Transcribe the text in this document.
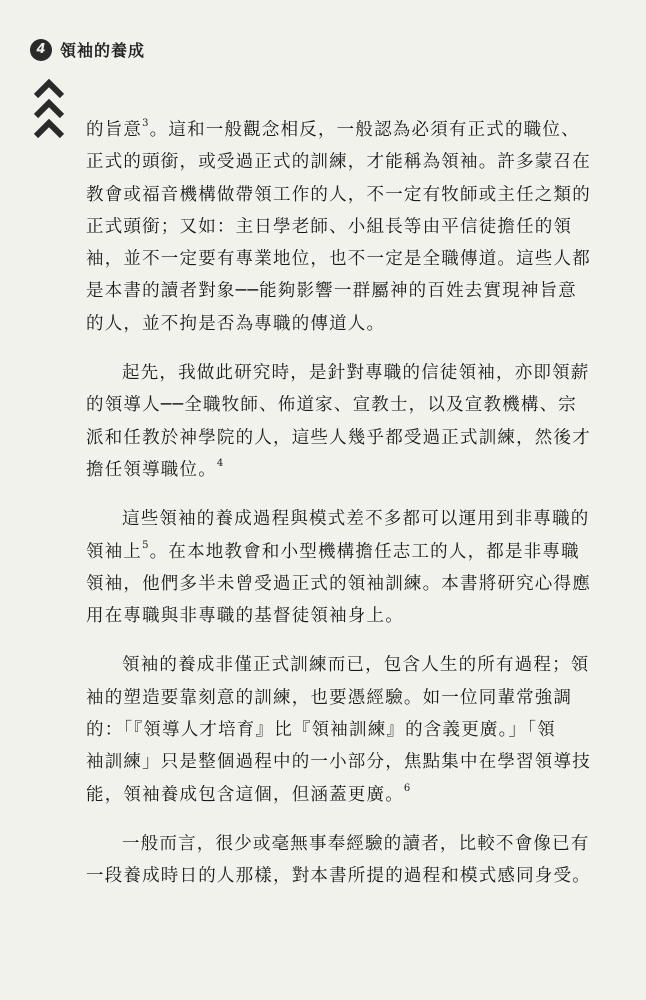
4 領袖的養成
的旨意$^3$。這和一般觀念相反，一般認為必須有正式的職位、
正式的頭銜，或受過正式的訓練，才能稱為領袖。許多蒙召在
教會或福音機構做帶領工作的人，不一定有牧師或主任之類的
正式頭銜；又如：主日學老師、小組長等由平信徒擔任的領
袖，並不一定要有專業地位，也不一定是全職傳道。這些人都
是本書的讀者對象──能夠影響一群屬神的百姓去實現神旨意
的人，並不拘是否為專職的傳道人。
起先，我做此研究時，是針對專職的信徒領袖，亦即領薪
的領導人──全職牧師、佈道家、宣教士，以及宣教機構、宗
派和任教於神學院的人，這些人幾乎都受過正式訓練，然後才
擔任領導職位。$^4$
這些領袖的養成過程與模式差不多都可以運用到非專職的
領袖上$^5$。在本地教會和小型機構擔任志工的人，都是非專職
領袖，他們多半未曾受過正式的領袖訓練。本書將研究心得應
用在專職與非專職的基督徒領袖身上。
領袖的養成非僅正式訓練而已，包含人生的所有過程；領
袖的塑造要靠刻意的訓練，也要憑經驗。如一位同輩常強調
的：「『領導人才培育』比『領袖訓練』的含義更廣。」「領
袖訓練」只是整個過程中的一小部分，焦點集中在學習領導技
能，領袖養成包含這個，但涵蓋更廣。$^6$
一般而言，很少或毫無事奉經驗的讀者，比較不會像已有
一段養成時日的人那樣，對本書所提的過程和模式感同身受。
